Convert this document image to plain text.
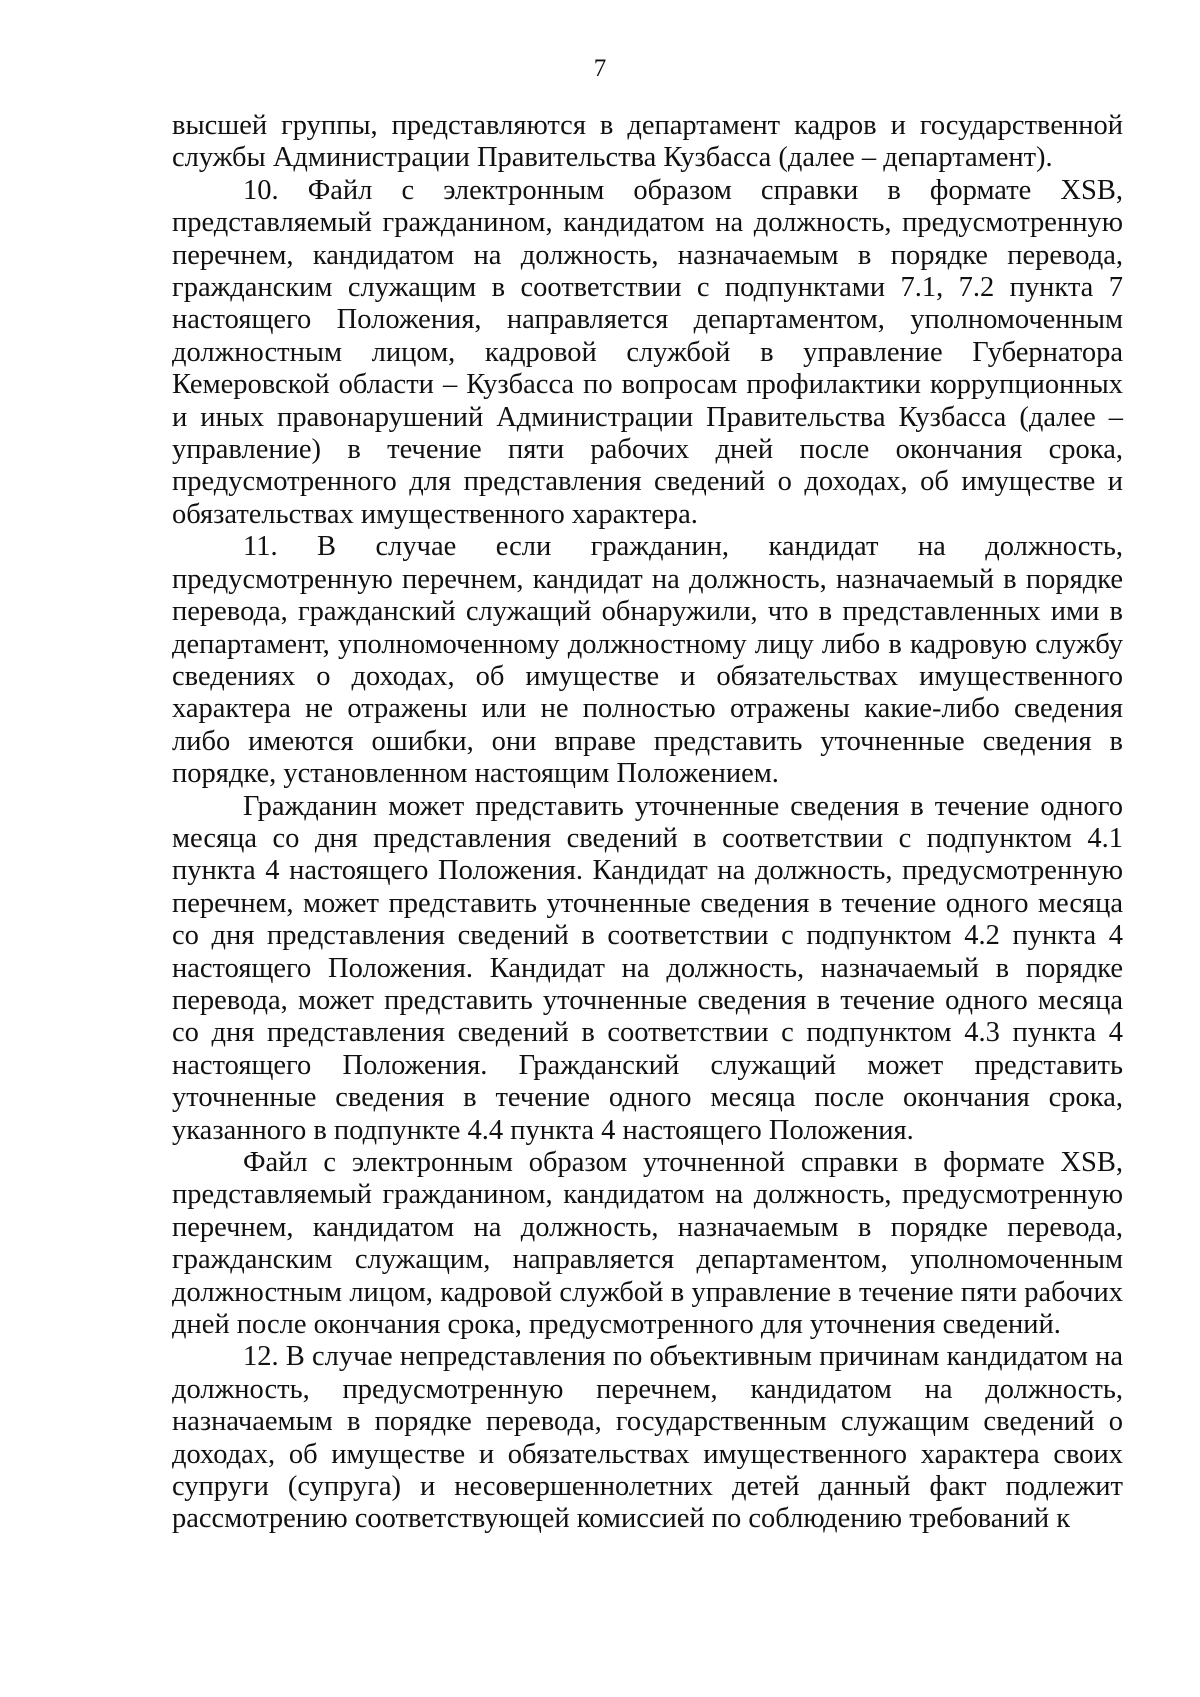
7

высшей группы, представляются в департамент кадров и государственной службы Администрации Правительства Кузбасса (далее – департамент).

10. Файл с электронным образом справки в формате XSB, представляемый гражданином, кандидатом на должность, предусмотренную перечнем, кандидатом на должность, назначаемым в порядке перевода, гражданским служащим в соответствии с подпунктами 7.1, 7.2 пункта 7 настоящего Положения, направляется департаментом, уполномоченным должностным лицом, кадровой службой в управление Губернатора Кемеровской области – Кузбасса по вопросам профилактики коррупционных и иных правонарушений Администрации Правительства Кузбасса (далее – управление) в течение пяти рабочих дней после окончания срока, предусмотренного для представления сведений о доходах, об имуществе и обязательствах имущественного характера.

11. В случае если гражданин, кандидат на должность, предусмотренную перечнем, кандидат на должность, назначаемый в порядке перевода, гражданский служащий обнаружили, что в представленных ими в департамент, уполномоченному должностному лицу либо в кадровую службу сведениях о доходах, об имуществе и обязательствах имущественного характера не отражены или не полностью отражены какие-либо сведения либо имеются ошибки, они вправе представить уточненные сведения в порядке, установленном настоящим Положением.

Гражданин может представить уточненные сведения в течение одного месяца со дня представления сведений в соответствии с подпунктом 4.1 пункта 4 настоящего Положения. Кандидат на должность, предусмотренную перечнем, может представить уточненные сведения в течение одного месяца со дня представления сведений в соответствии с подпунктом 4.2 пункта 4 настоящего Положения. Кандидат на должность, назначаемый в порядке перевода, может представить уточненные сведения в течение одного месяца со дня представления сведений в соответствии с подпунктом 4.3 пункта 4 настоящего Положения. Гражданский служащий может представить уточненные сведения в течение одного месяца после окончания срока, указанного в подпункте 4.4 пункта 4 настоящего Положения.

Файл с электронным образом уточненной справки в формате XSB, представляемый гражданином, кандидатом на должность, предусмотренную перечнем, кандидатом на должность, назначаемым в порядке перевода, гражданским служащим, направляется департаментом, уполномоченным должностным лицом, кадровой службой в управление в течение пяти рабочих дней после окончания срока, предусмотренного для уточнения сведений.

12. В случае непредставления по объективным причинам кандидатом на должность, предусмотренную перечнем, кандидатом на должность, назначаемым в порядке перевода, государственным служащим сведений о доходах, об имуществе и обязательствах имущественного характера своих супруги (супруга) и несовершеннолетних детей данный факт подлежит рассмотрению соответствующей комиссией по соблюдению требований к
